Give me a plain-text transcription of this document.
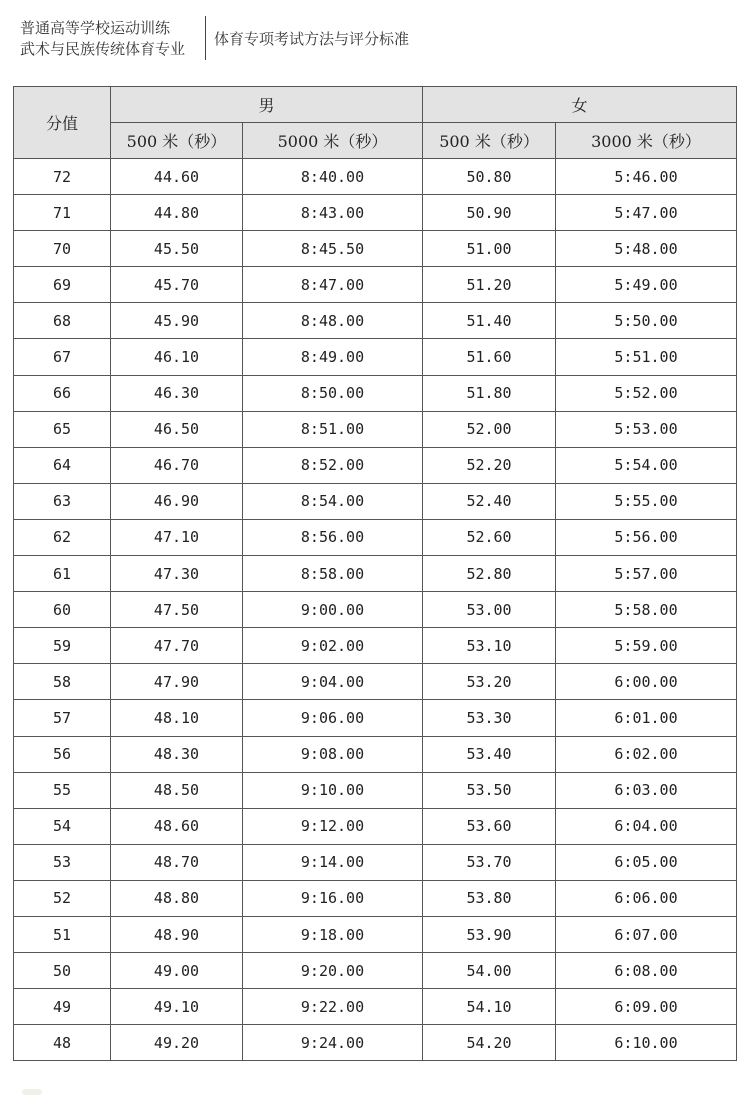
普通高等学校运动训练
武术与民族传统体育专业
体育专项考试方法与评分标准
分值	男		女	
	500 米（秒）	5000 米（秒）	500 米（秒）	3000 米（秒）
72	44.60	8:40.00	50.80	5:46.00
71	44.80	8:43.00	50.90	5:47.00
70	45.50	8:45.50	51.00	5:48.00
69	45.70	8:47.00	51.20	5:49.00
68	45.90	8:48.00	51.40	5:50.00
67	46.10	8:49.00	51.60	5:51.00
66	46.30	8:50.00	51.80	5:52.00
65	46.50	8:51.00	52.00	5:53.00
64	46.70	8:52.00	52.20	5:54.00
63	46.90	8:54.00	52.40	5:55.00
62	47.10	8:56.00	52.60	5:56.00
61	47.30	8:58.00	52.80	5:57.00
60	47.50	9:00.00	53.00	5:58.00
59	47.70	9:02.00	53.10	5:59.00
58	47.90	9:04.00	53.20	6:00.00
57	48.10	9:06.00	53.30	6:01.00
56	48.30	9:08.00	53.40	6:02.00
55	48.50	9:10.00	53.50	6:03.00
54	48.60	9:12.00	53.60	6:04.00
53	48.70	9:14.00	53.70	6:05.00
52	48.80	9:16.00	53.80	6:06.00
51	48.90	9:18.00	53.90	6:07.00
50	49.00	9:20.00	54.00	6:08.00
49	49.10	9:22.00	54.10	6:09.00
48	49.20	9:24.00	54.20	6:10.00
